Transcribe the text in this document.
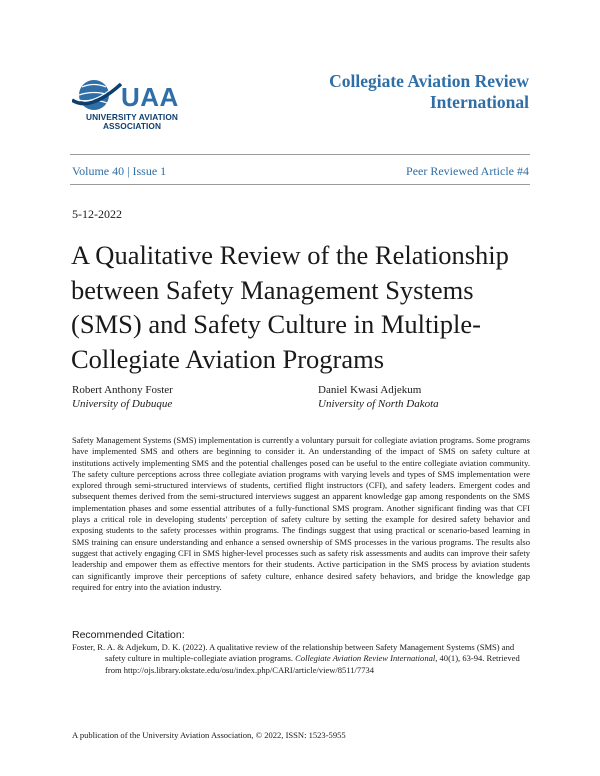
UAA
UNIVERSITY AVIATION
ASSOCIATION
Collegiate Aviation Review
International
Volume 40 | Issue 1	Peer Reviewed Article #4
5-12-2022
A Qualitative Review of the Relationship between Safety Management Systems (SMS) and Safety Culture in Multiple-Collegiate Aviation Programs
Robert Anthony Foster
University of Dubuque
Daniel Kwasi Adjekum
University of North Dakota
Safety Management Systems (SMS) implementation is currently a voluntary pursuit for collegiate aviation programs. Some programs have implemented SMS and others are beginning to consider it. An understanding of the impact of SMS on safety culture at institutions actively implementing SMS and the potential challenges posed can be useful to the entire collegiate aviation community. The safety culture perceptions across three collegiate aviation programs with varying levels and types of SMS implementation were explored through semi-structured interviews of students, certified flight instructors (CFI), and safety leaders. Emergent codes and subsequent themes derived from the semi-structured interviews suggest an apparent knowledge gap among respondents on the SMS implementation phases and some essential attributes of a fully-functional SMS program. Another significant finding was that CFI plays a critical role in developing students' perception of safety culture by setting the example for desired safety behavior and exposing students to the safety processes within programs. The findings suggest that using practical or scenario-based learning in SMS training can ensure understanding and enhance a sensed ownership of SMS processes in the various programs. The results also suggest that actively engaging CFI in SMS higher-level processes such as safety risk assessments and audits can improve their safety leadership and empower them as effective mentors for their students. Active participation in the SMS process by aviation students can significantly improve their perceptions of safety culture, enhance desired safety behaviors, and bridge the knowledge gap required for entry into the aviation industry.
Recommended Citation:
Foster, R. A. & Adjekum, D. K. (2022). A qualitative review of the relationship between Safety Management Systems (SMS) and safety culture in multiple-collegiate aviation programs. Collegiate Aviation Review International, 40(1), 63-94. Retrieved from http://ojs.library.okstate.edu/osu/index.php/CARI/article/view/8511/7734
A publication of the University Aviation Association, © 2022, ISSN: 1523-5955
